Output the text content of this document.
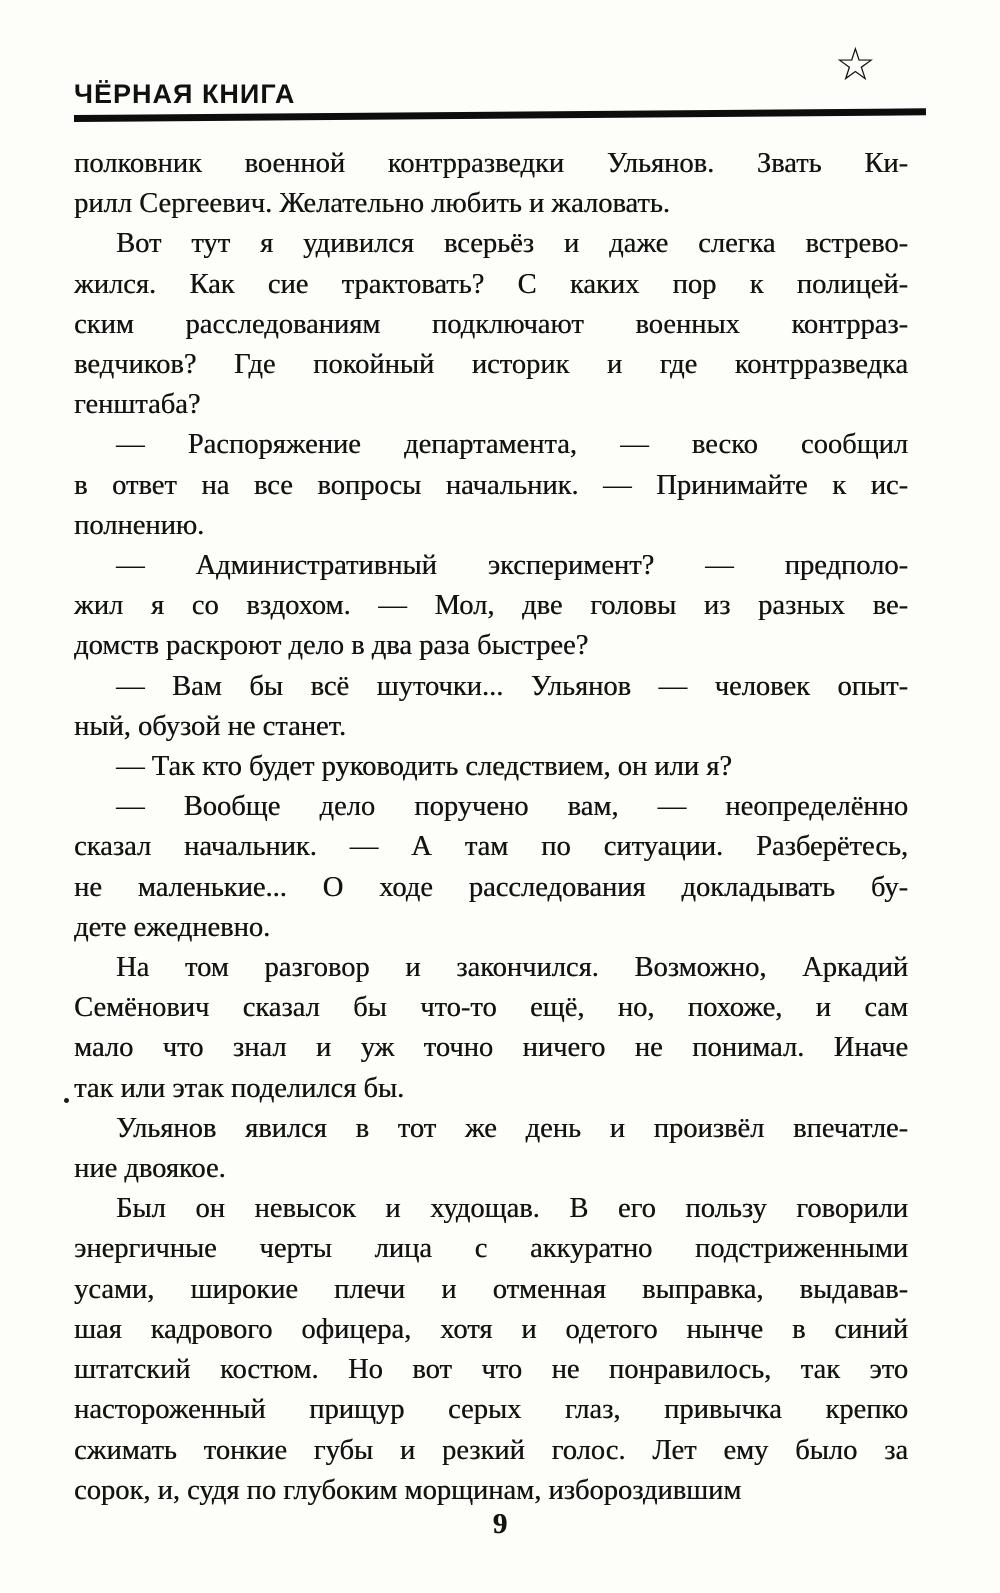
ЧЁРНАЯ КНИГА
☆
полковник военной контрразведки Ульянов. Звать Ки-
рилл Сергеевич. Желательно любить и жаловать.
Вот тут я удивился всерьёз и даже слегка встрево-
жился. Как сие трактовать? С каких пор к полицей-
ским расследованиям подключают военных контрраз-
ведчиков? Где покойный историк и где контрразведка
генштаба?
— Распоряжение департамента, — веско сообщил
в ответ на все вопросы начальник. — Принимайте к ис-
полнению.
— Административный эксперимент? — предполо-
жил я со вздохом. — Мол, две головы из разных ве-
домств раскроют дело в два раза быстрее?
— Вам бы всё шуточки... Ульянов — человек опыт-
ный, обузой не станет.
— Так кто будет руководить следствием, он или я?
— Вообще дело поручено вам, — неопределённо
сказал начальник. — А там по ситуации. Разберётесь,
не маленькие... О ходе расследования докладывать бу-
дете ежедневно.
На том разговор и закончился. Возможно, Аркадий
Семёнович сказал бы что-то ещё, но, похоже, и сам
мало что знал и уж точно ничего не понимал. Иначе
так или этак поделился бы.
Ульянов явился в тот же день и произвёл впечатле-
ние двоякое.
Был он невысок и худощав. В его пользу говорили
энергичные черты лица с аккуратно подстриженными
усами, широкие плечи и отменная выправка, выдавав-
шая кадрового офицера, хотя и одетого нынче в синий
штатский костюм. Но вот что не понравилось, так это
настороженный прищур серых глаз, привычка крепко
сжимать тонкие губы и резкий голос. Лет ему было за
сорок, и, судя по глубоким морщинам, избороздившим
9
